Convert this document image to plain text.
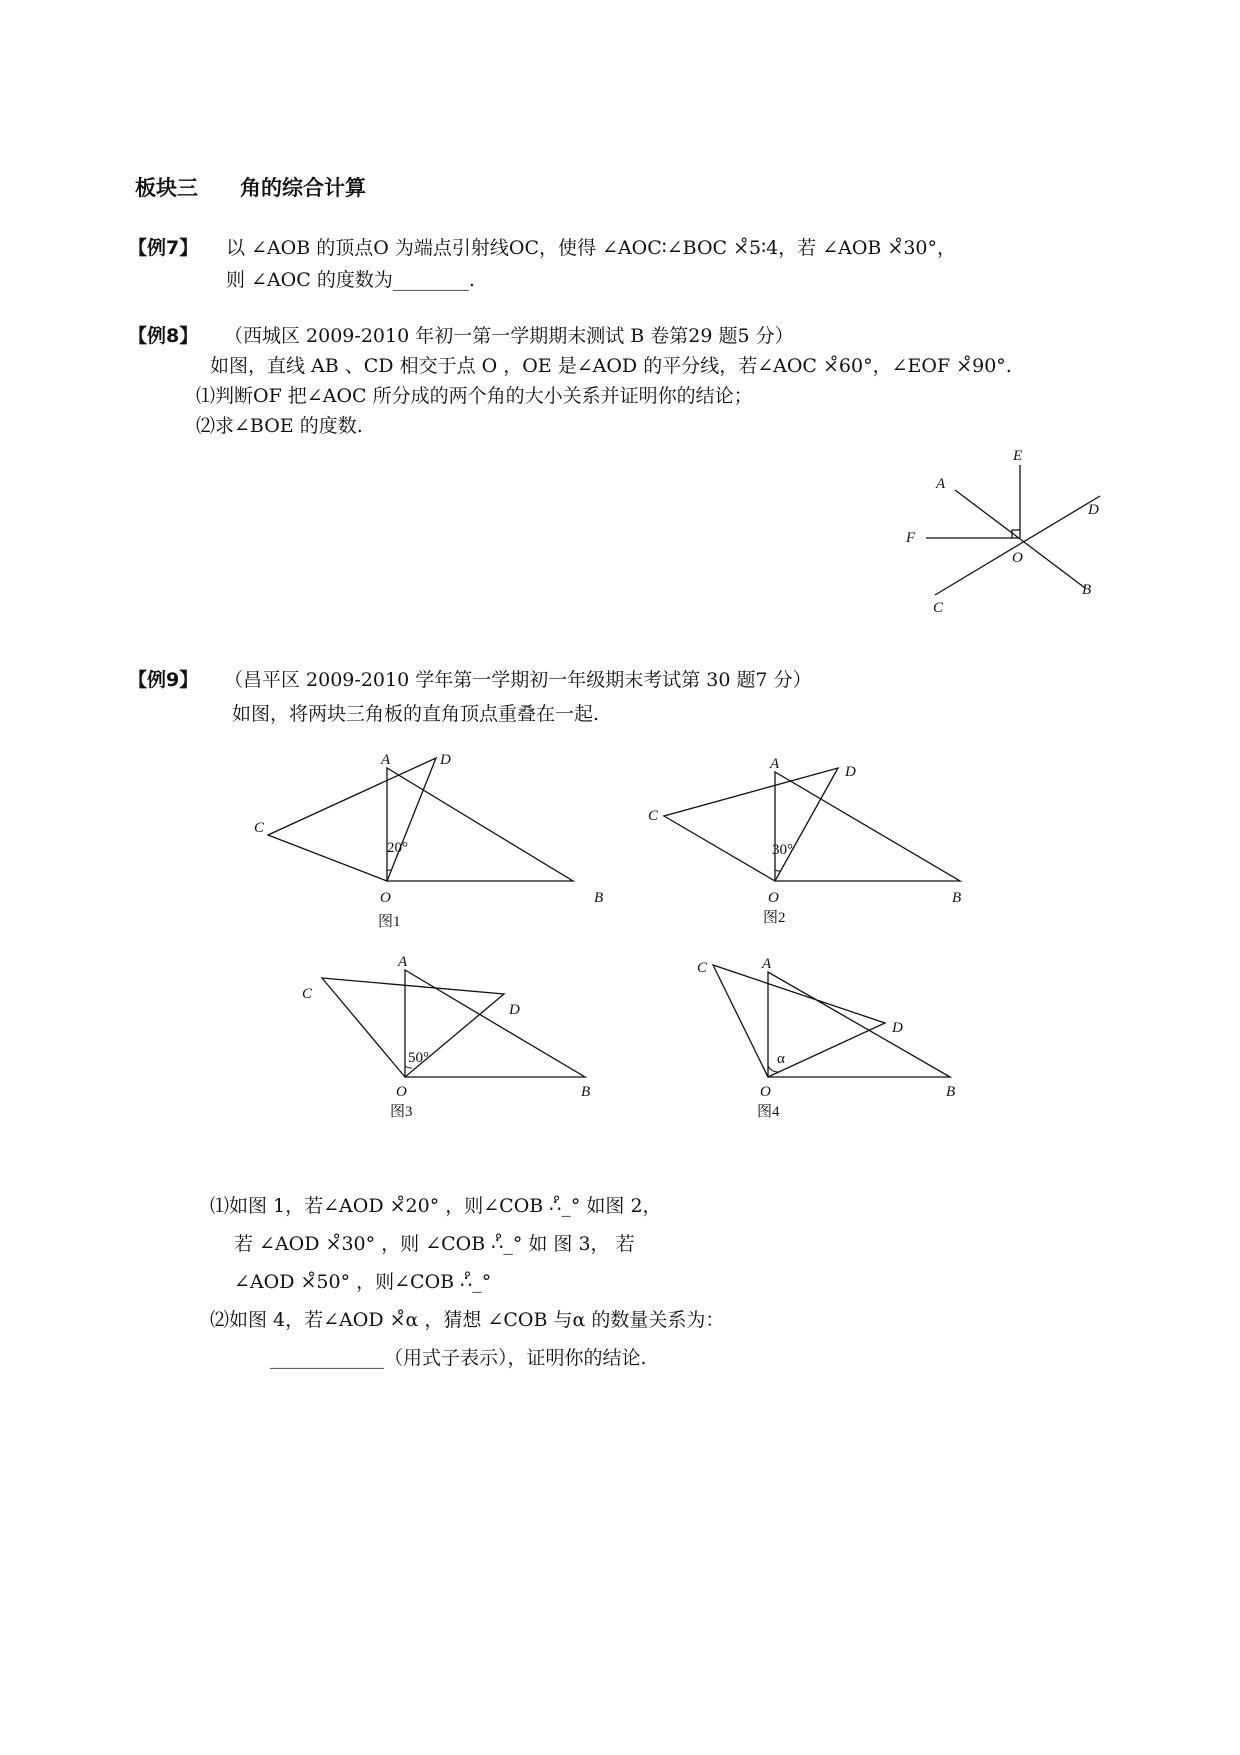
板块三　　角的综合计算
【例7】 以 ∠AOB 的顶点O 为端点引射线OC，使得 ∠AOC∶∠BOC ×̊5∶4，若 ∠AOB ×̊30°，
则 ∠AOC 的度数为________.
【例8】 （西城区 2009-2010 年初一第一学期期末测试 B 卷第29 题5 分）
如图，直线 AB 、CD 相交于点 O ，OE 是∠AOD 的平分线，若∠AOC ×̊60°，∠EOF ×̊90°.
⑴判断OF 把∠AOC 所分成的两个角的大小关系并证明你的结论；
⑵求∠BOE 的度数.
E
A
D
F
O
B
C
【例9】 （昌平区 2009-2010 学年第一学期初一年级期末考试第 30 题7 分）
如图，将两块三角板的直角顶点重叠在一起.
A	D
C
O	B
20°
图1
A	D
C
O	B
30°
图2
A
C
D
O	B
50°
图3
C	A
D
O	B
α
图4
⑴如图 1，若∠AOD ×̊20° ，则∠COB ∴̊_° 如图 2，
若 ∠AOD ×̊30° ，则 ∠COB ∴̊_° 如 图 3， 若
∠AOD ×̊50° ，则∠COB ∴̊_°
⑵如图 4，若∠AOD ×̊α ，猜想 ∠COB 与α 的数量关系为：
____________（用式子表示），证明你的结论.
